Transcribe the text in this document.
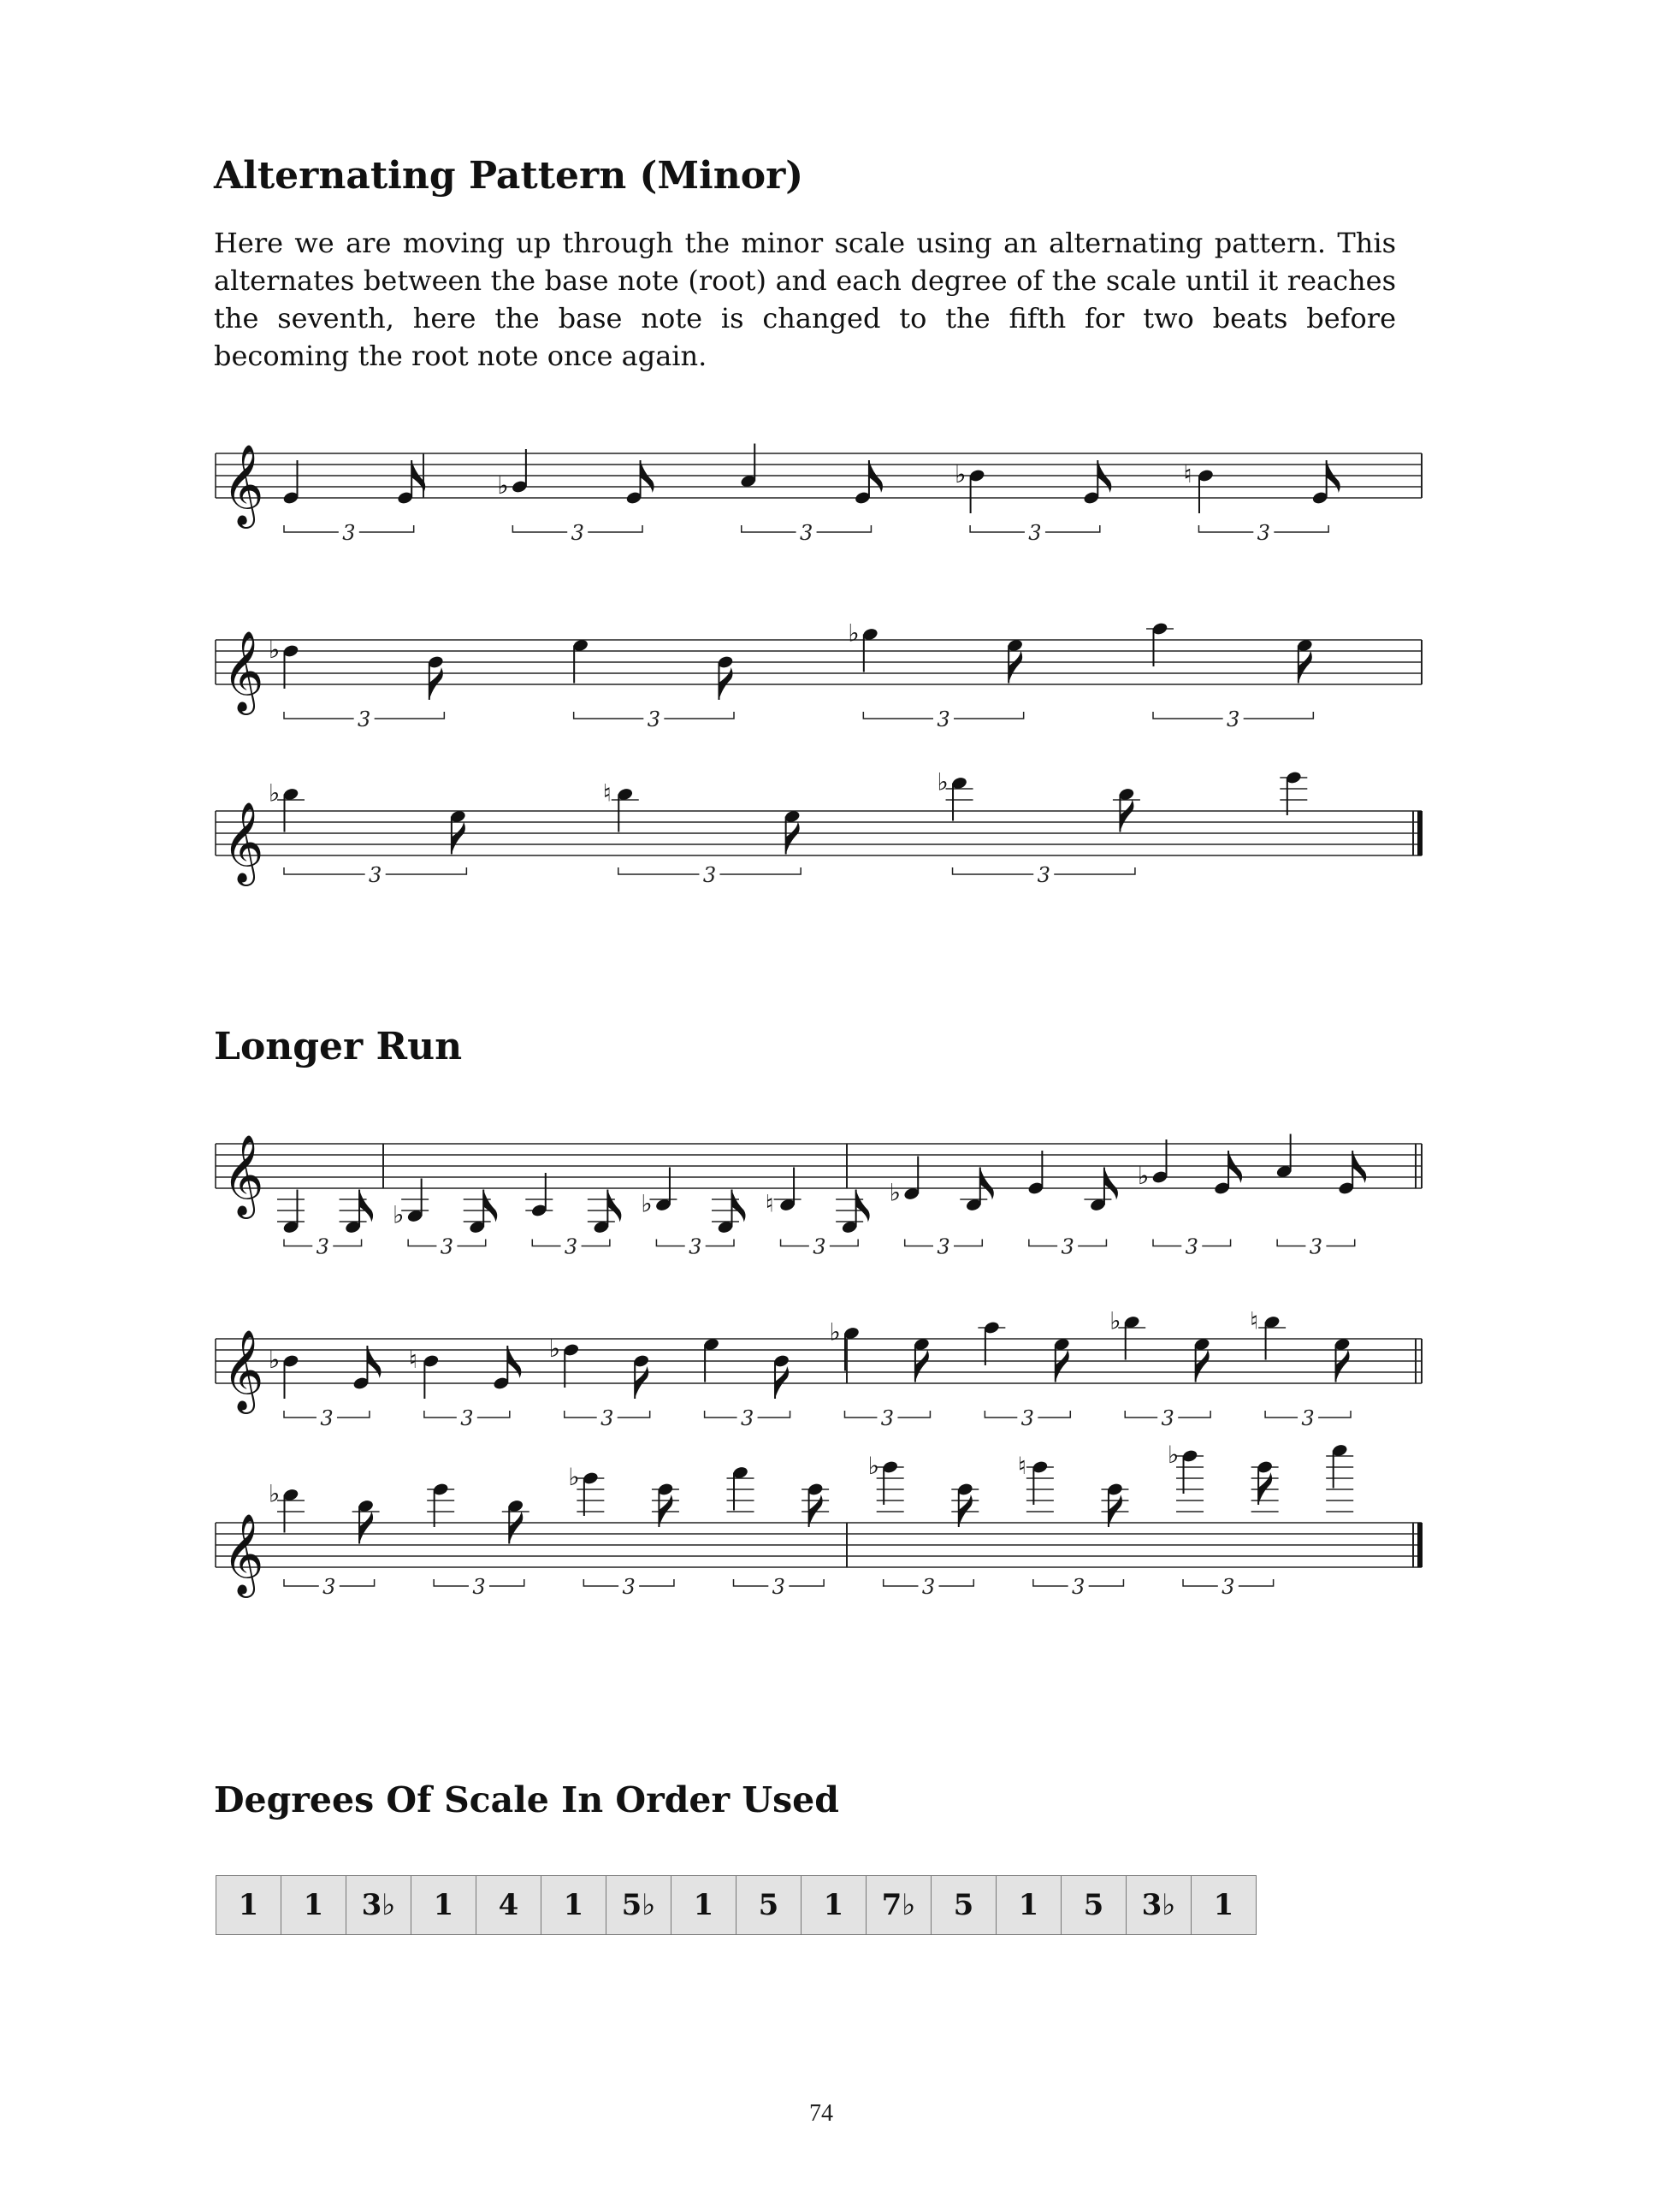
Alternating Pattern (Minor)

Here we are moving up through the minor scale using an alternating pattern. This alternates between the base note (root) and each degree of the scale until it reaches the seventh, here the base note is changed to the fifth for two beats before becoming the root note once again.

𝄞	♭	♭	♮
3	3	3	3	3
𝄞 ♭
♭
3	3	3	3
𝄞
♭	♮	♭
3	3	3
𝄞	♭	♭	♮	♭
♭
3	3	3	3	3	3	3	3	3
𝄞 ♭	♮	♭
♭	♭	♮
3	3	3	3	3	3	3	3
𝄞
♭
♭	♭	♮	♭
3	3	3	3	3	3	3
Longer Run
Degrees Of Scale In Order Used
1	1	3♭	1	4	1	5♭	1	5	1	7♭	5	1	5	3♭	1
74
